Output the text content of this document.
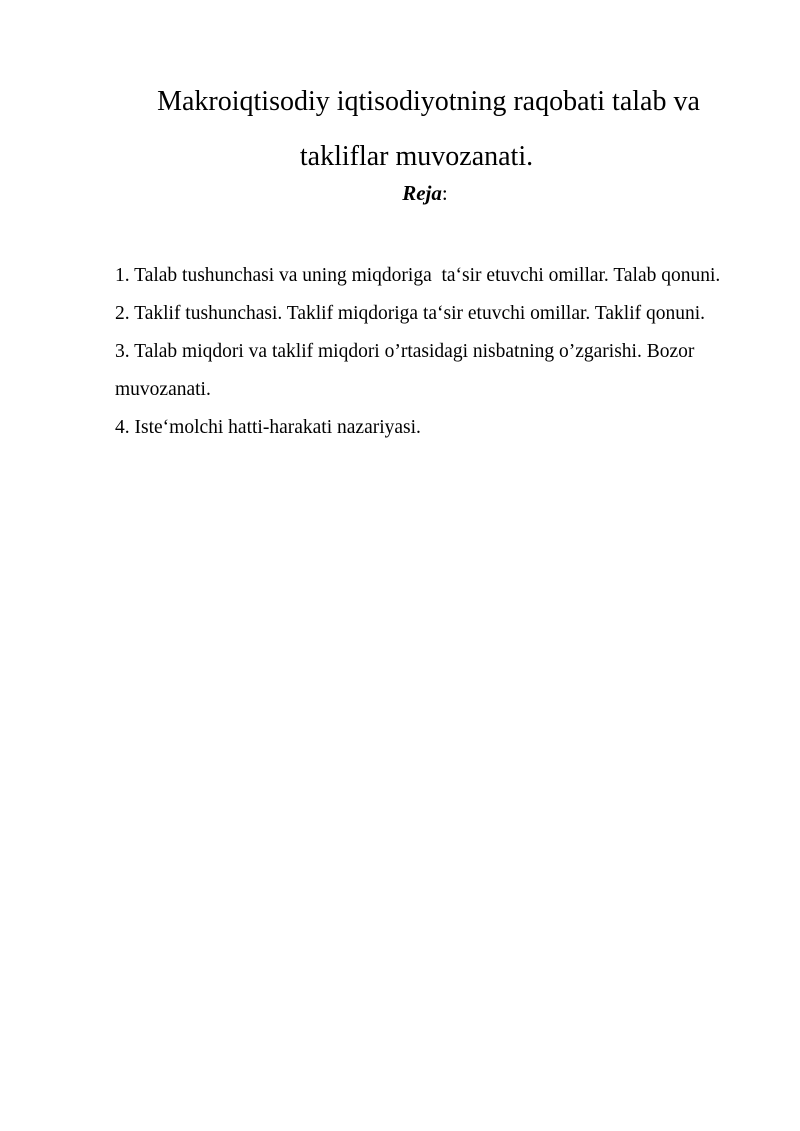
Makroiqtisodiy iqtisodiyotning raqobati talab va takliflar muvozanati.

Reja:

1. Talab tushunchasi va uning miqdoriga  ta‘sir etuvchi omillar. Talab qonuni.
2. Taklif tushunchasi. Taklif miqdoriga ta‘sir etuvchi omillar. Taklif qonuni.
3. Talab miqdori va taklif miqdori o’rtasidagi nisbatning o’zgarishi. Bozor muvozanati.
4. Iste‘molchi hatti-harakati nazariyasi.
